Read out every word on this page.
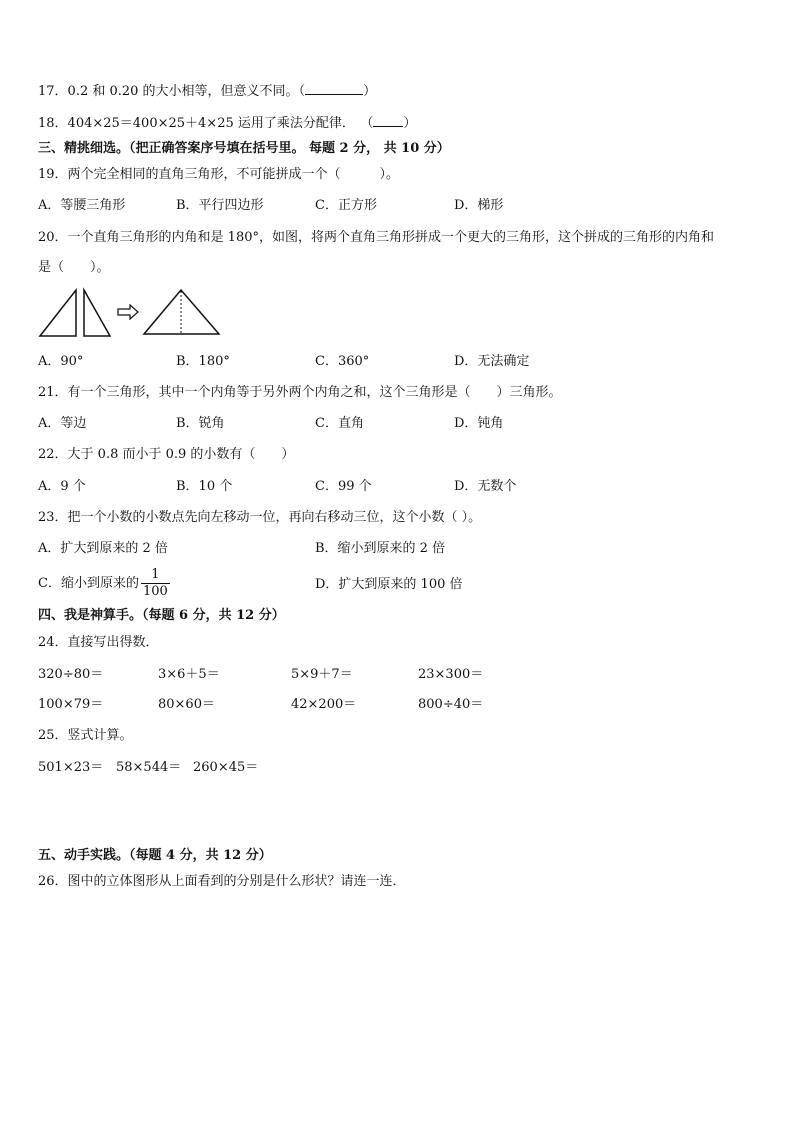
17．0.2 和 0.20 的大小相等，但意义不同。（	）
18．404×25＝400×25＋4×25 运用了乘法分配律． （ ）
三、精挑细选。（把正确答案序号填在括号里。 每题 2 分， 共 10 分）
19．两个完全相同的直角三角形，不可能拼成一个（　　　）。
A．等腰三角形	B．平行四边形	C．正方形	D．梯形
20．一个直角三角形的内角和是 180°，如图，将两个直角三角形拼成一个更大的三角形，这个拼成的三角形的内角和
是（　　）。
A．90°	B．180°	C．360°	D．无法确定
21．有一个三角形，其中一个内角等于另外两个内角之和，这个三角形是（　　）三角形。
A．等边	B．锐角	C．直角	D．钝角
22．大于 0.8 而小于 0.9 的小数有（　　）
A．9 个	B．10 个	C．99 个	D．无数个
23．把一个小数的小数点先向左移动一位，再向右移动三位，这个小数（ ）。
A．扩大到原来的 2 倍	B．缩小到原来的 2 倍
C．缩小到原来的 $\frac{1}{100}$	D．扩大到原来的 100 倍
四、我是神算手。（每题 6 分，共 12 分）
24．直接写出得数．
320÷80＝	3×6＋5＝	5×9＋7＝	23×300＝
100×79＝	80×60＝	42×200＝	800÷40＝
25．竖式计算。
501×23＝ 58×544＝ 260×45＝
五、动手实践。（每题 4 分，共 12 分）
26．图中的立体图形从上面看到的分别是什么形状？请连一连．
